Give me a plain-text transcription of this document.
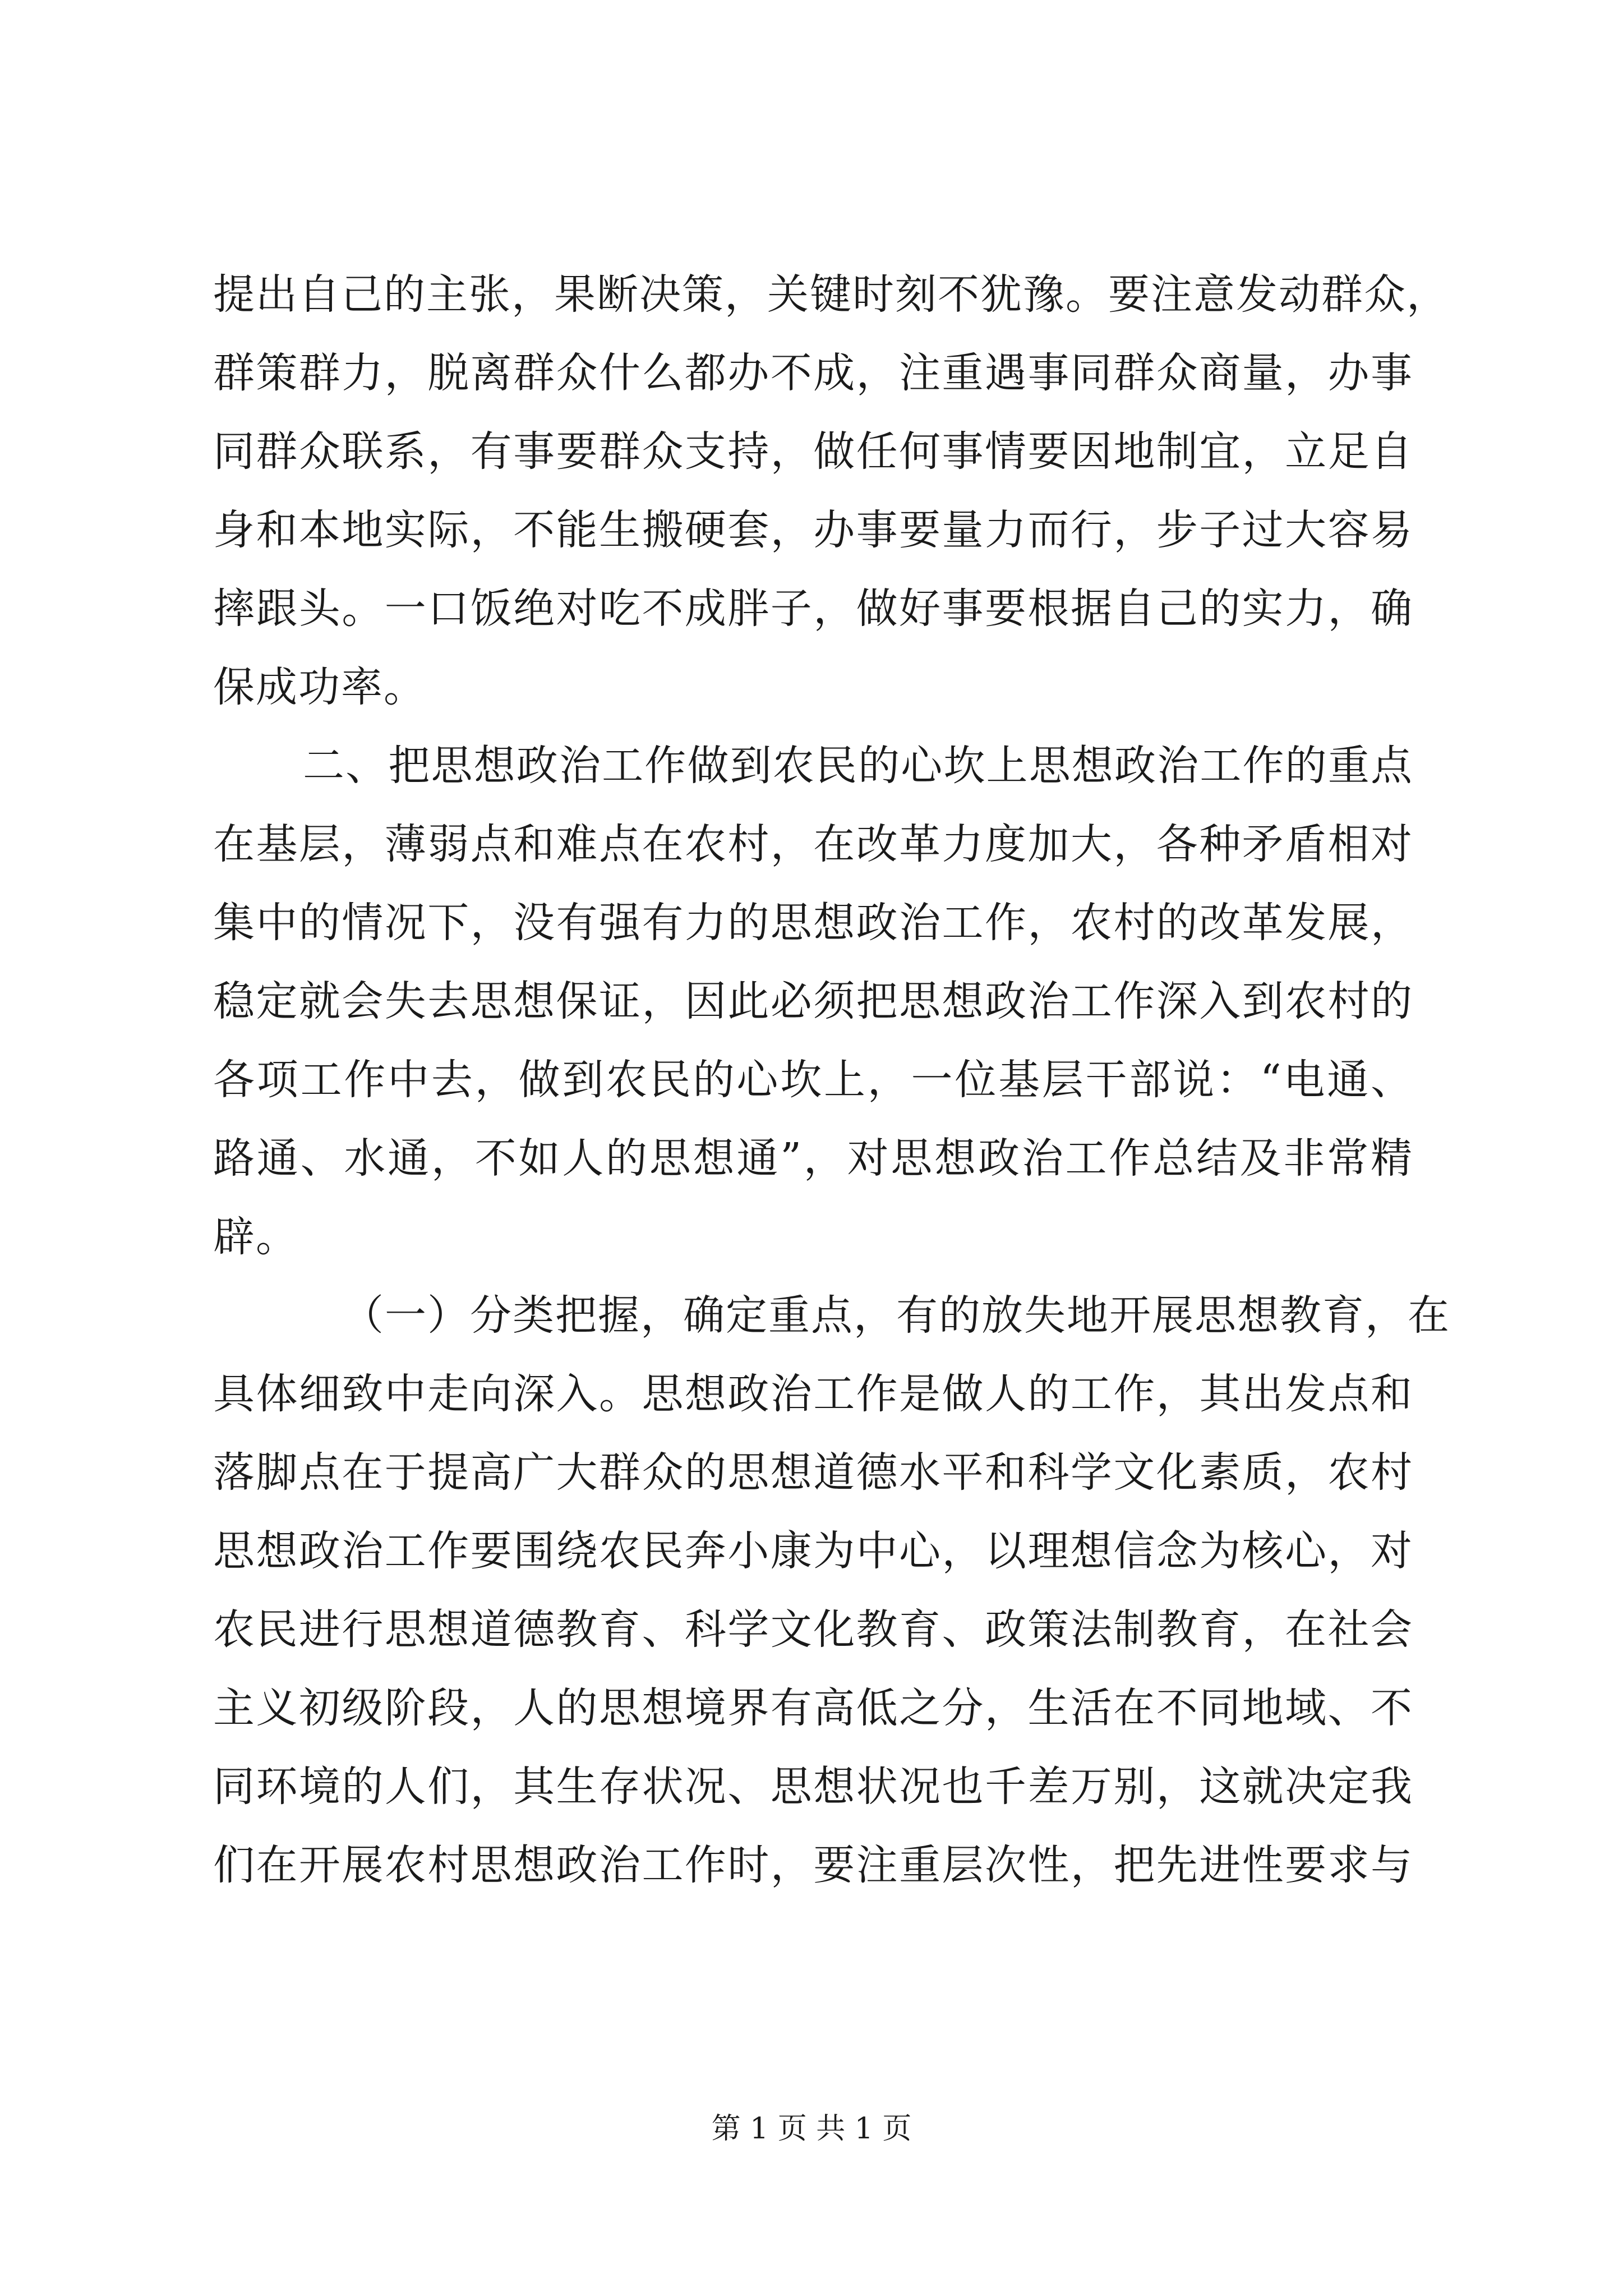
提出自己的主张，果断决策，关键时刻不犹豫。要注意发动群众，
群策群力，脱离群众什么都办不成，注重遇事同群众商量，办事
同群众联系，有事要群众支持，做任何事情要因地制宜，立足自
身和本地实际，不能生搬硬套，办事要量力而行，步子过大容易
摔跟头。一口饭绝对吃不成胖子，做好事要根据自己的实力，确
保成功率。
二、把思想政治工作做到农民的心坎上思想政治工作的重点
在基层，薄弱点和难点在农村，在改革力度加大，各种矛盾相对
集中的情况下，没有强有力的思想政治工作，农村的改革发展，
稳定就会失去思想保证，因此必须把思想政治工作深入到农村的
各项工作中去，做到农民的心坎上，一位基层干部说：“电通、
路通、水通，不如人的思想通”，对思想政治工作总结及非常精
辟。
（一）分类把握，确定重点，有的放失地开展思想教育，在
具体细致中走向深入。思想政治工作是做人的工作，其出发点和
落脚点在于提高广大群众的思想道德水平和科学文化素质，农村
思想政治工作要围绕农民奔小康为中心，以理想信念为核心，对
农民进行思想道德教育、科学文化教育、政策法制教育，在社会
主义初级阶段，人的思想境界有高低之分，生活在不同地域、不
同环境的人们，其生存状况、思想状况也千差万别，这就决定我
们在开展农村思想政治工作时，要注重层次性，把先进性要求与
第 1 页 共 1 页
